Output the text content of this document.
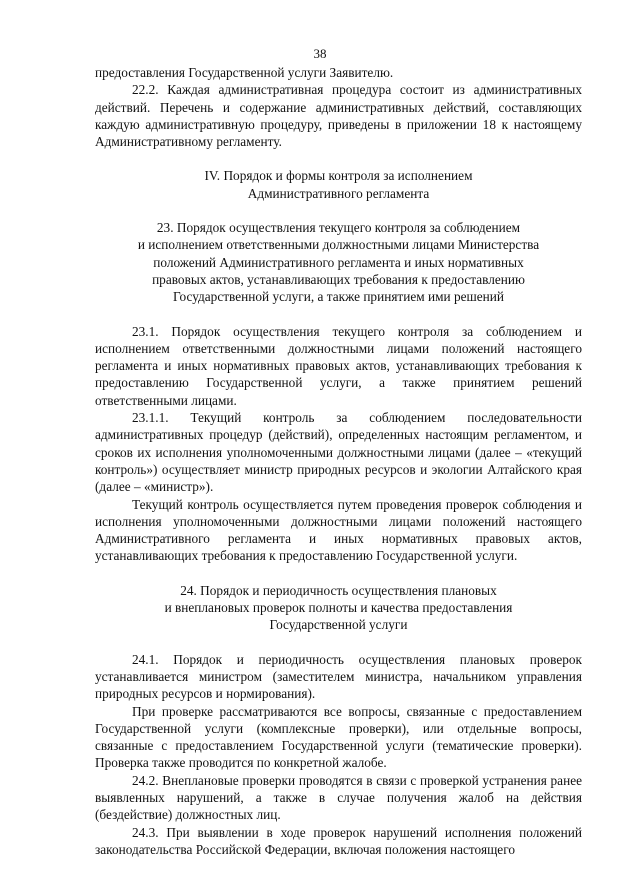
38

предоставления Государственной услуги Заявителю.

22.2. Каждая административная процедура состоит из административных действий. Перечень и содержание административных действий, составляющих каждую административную процедуру, приведены в приложении 18 к настоящему Административному регламенту.

IV. Порядок и формы контроля за исполнением
Административного регламента
23. Порядок осуществления текущего контроля за соблюдением
и исполнением ответственными должностными лицами Министерства
положений Административного регламента и иных нормативных
правовых актов, устанавливающих требования к предоставлению
Государственной услуги, а также принятием ими решений

23.1. Порядок осуществления текущего контроля за соблюдением и исполнением ответственными должностными лицами положений настоящего регламента и иных нормативных правовых актов, устанавливающих требования к предоставлению Государственной услуги, а также принятием решений ответственными лицами.

23.1.1. Текущий контроль за соблюдением последовательности административных процедур (действий), определенных настоящим регламентом, и сроков их исполнения уполномоченными должностными лицами (далее – «текущий контроль») осуществляет министр природных ресурсов и экологии Алтайского края (далее – «министр»).

Текущий контроль осуществляется путем проведения проверок соблюдения и исполнения уполномоченными должностными лицами положений настоящего Административного регламента и иных нормативных правовых актов, устанавливающих требования к предоставлению Государственной услуги.

24. Порядок и периодичность осуществления плановых
и внеплановых проверок полноты и качества предоставления
Государственной услуги

24.1. Порядок и периодичность осуществления плановых проверок устанавливается министром (заместителем министра, начальником управления природных ресурсов и нормирования).

При проверке рассматриваются все вопросы, связанные с предоставлением Государственной услуги (комплексные проверки), или отдельные вопросы, связанные с предоставлением Государственной услуги (тематические проверки). Проверка также проводится по конкретной жалобе.

24.2. Внеплановые проверки проводятся в связи с проверкой устранения ранее выявленных нарушений, а также в случае получения жалоб на действия (бездействие) должностных лиц.

24.3. При выявлении в ходе проверок нарушений исполнения положений законодательства Российской Федерации, включая положения настоящего
